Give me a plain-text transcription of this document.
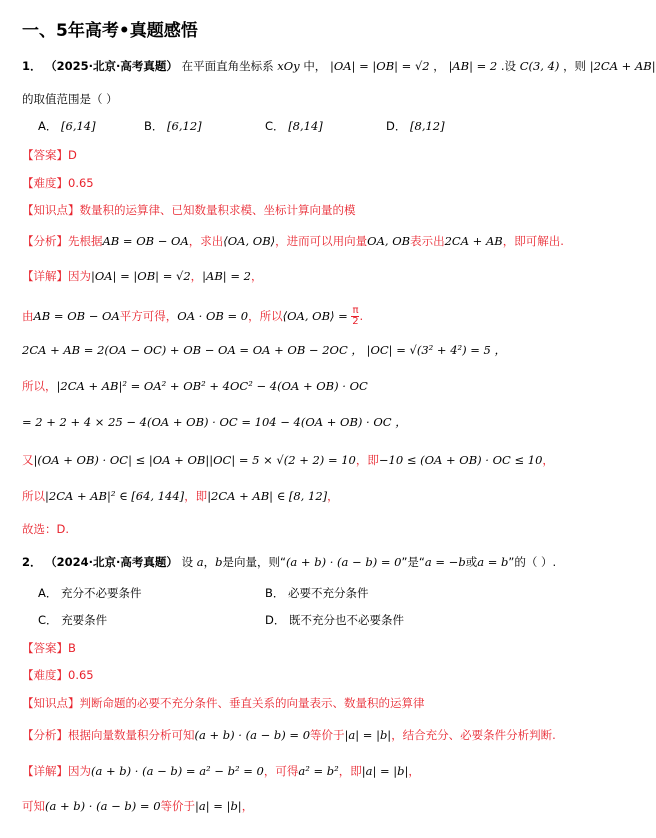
一、5年高考•真题感悟
1． （2025·北京·高考真题） 在平面直角坐标系 xOy 中， |OA| = |OB| = √2 ， |AB| = 2 .设 C(3, 4) ，则 |2CA + AB|
的取值范围是（ ）
A． [6,14]	B． [6,12]	C． [8,14]	D． [8,12]
【答案】D
【难度】0.65
【知识点】数量积的运算律、已知数量积求模、坐标计算向量的模
【分析】先根据AB = OB − OA，求出⟨OA, OB⟩，进而可以用向量OA, OB表示出2CA + AB，即可解出.
【详解】因为|OA| = |OB| = √2，|AB| = 2，
由AB = OB − OA平方可得，OA · OB = 0，所以⟨OA, OB⟩ = $\frac{\pi}{2}$ .
2CA + AB = 2(OA − OC) + OB − OA = OA + OB − 2OC ， |OC| = √(3² + 4²) = 5 ，
所以，|2CA + AB|² = OA² + OB² + 4OC² − 4(OA + OB) · OC
= 2 + 2 + 4 × 25 − 4(OA + OB) · OC = 104 − 4(OA + OB) · OC ，
又|(OA + OB) · OC| ≤ |OA + OB||OC| = 5 × √(2 + 2) = 10，即−10 ≤ (OA + OB) · OC ≤ 10，
所以|2CA + AB|² ∈ [64, 144]，即|2CA + AB| ∈ [8, 12]，
故选：D.
2． （2024·北京·高考真题） 设 a，b是向量，则“(a + b) · (a − b) = 0”是“a = −b或a = b”的（ ）.
A． 充分不必要条件	B． 必要不充分条件
C． 充要条件	D． 既不充分也不必要条件
【答案】B
【难度】0.65
【知识点】判断命题的必要不充分条件、垂直关系的向量表示、数量积的运算律
【分析】根据向量数量积分析可知(a + b) · (a − b) = 0等价于|a| = |b|，结合充分、必要条件分析判断.
【详解】因为(a + b) · (a − b) = a² − b² = 0，可得a² = b²，即|a| = |b|，
可知(a + b) · (a − b) = 0等价于|a| = |b|，
